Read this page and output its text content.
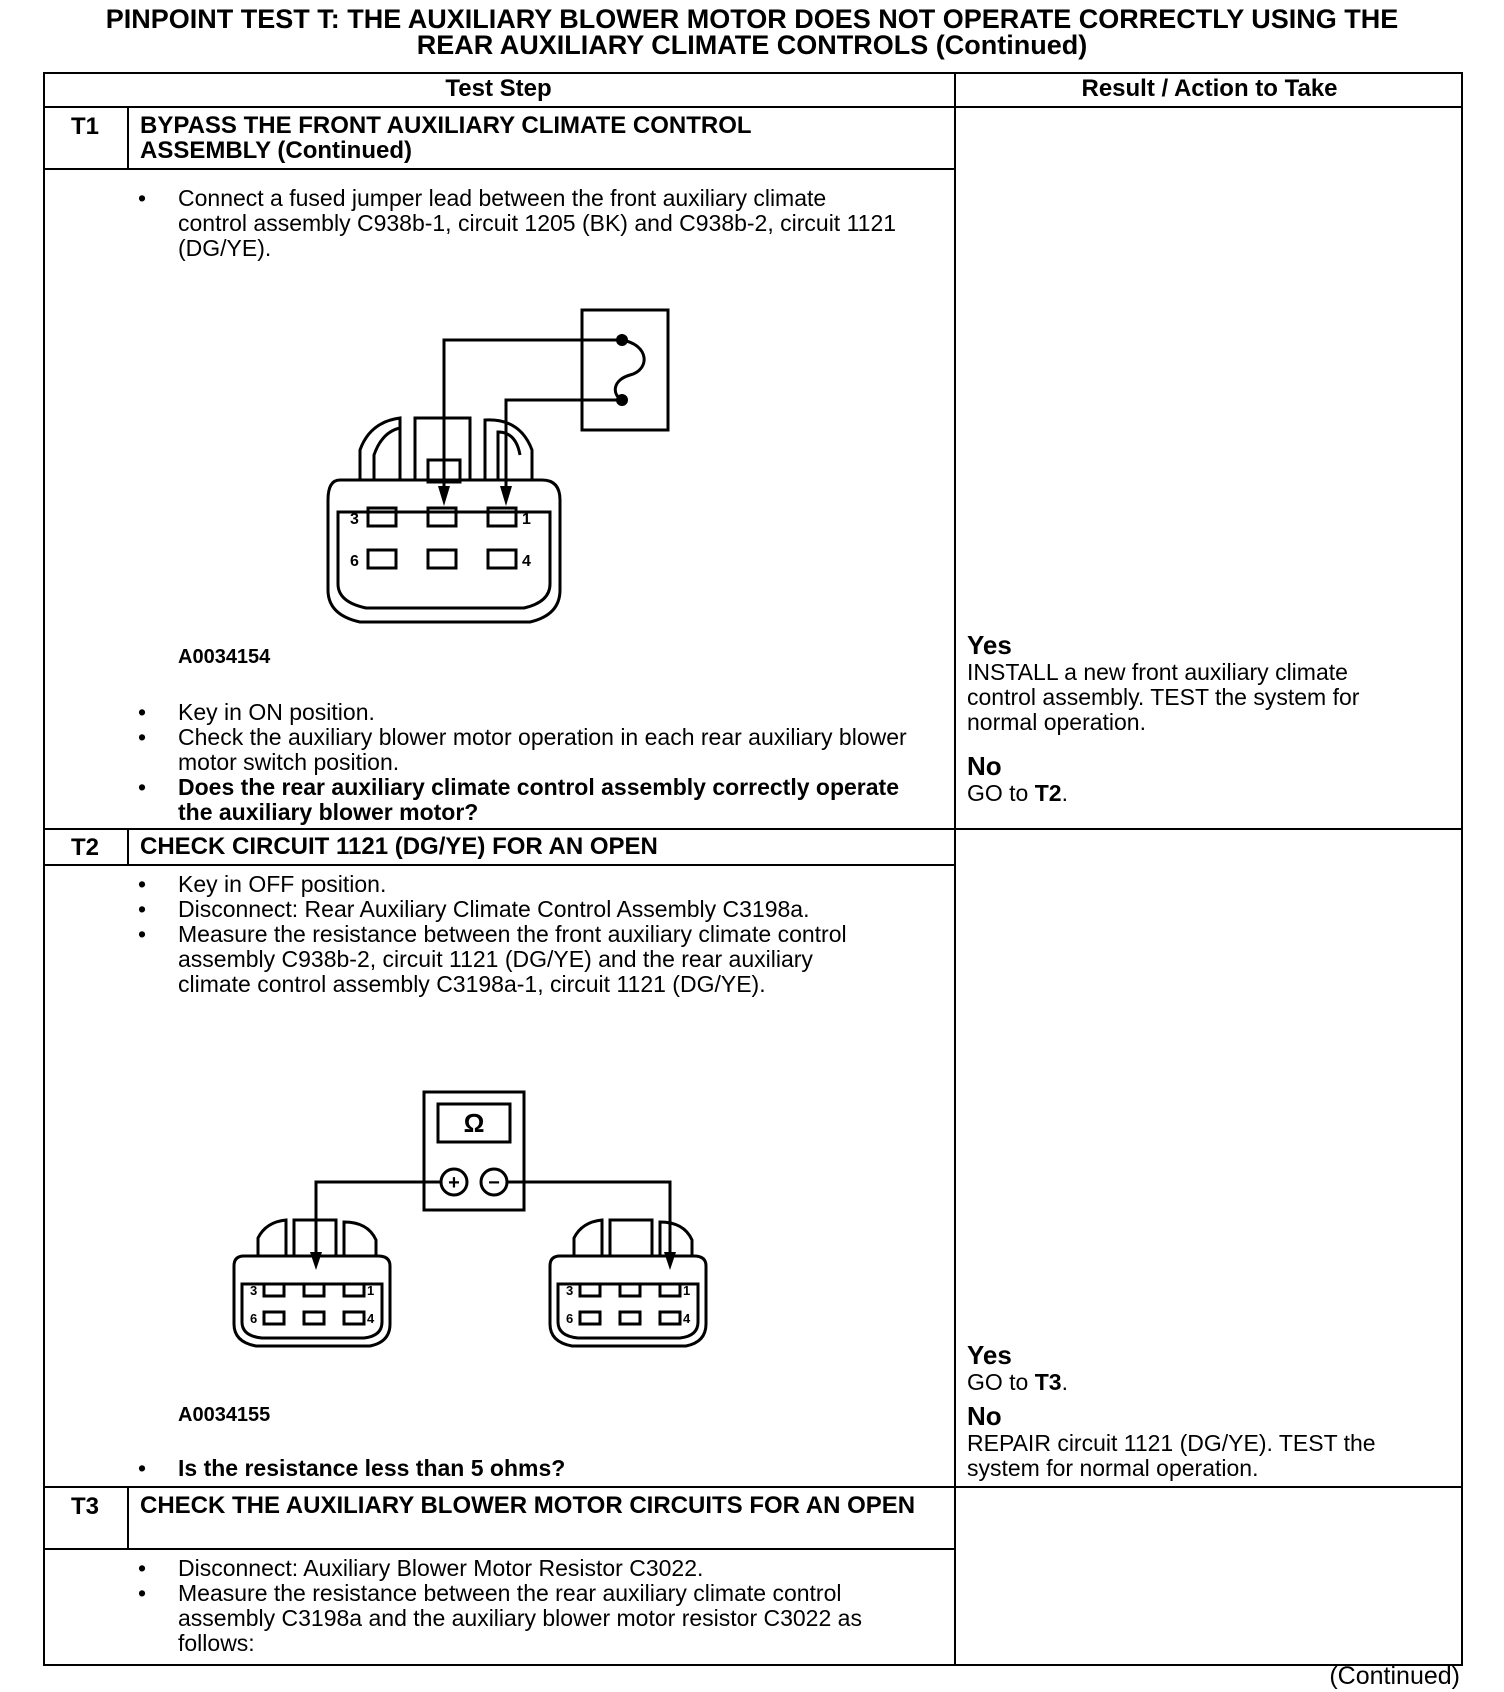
PINPOINT TEST T: THE AUXILIARY BLOWER MOTOR DOES NOT OPERATE CORRECTLY USING THE
REAR AUXILIARY CLIMATE CONTROLS (Continued)
Test Step	Result / Action to Take
T1	BYPASS THE FRONT AUXILIARY CLIMATE CONTROL ASSEMBLY (Continued)
• Connect a fused jumper lead between the front auxiliary climate control assembly C938b-1, circuit 1205 (BK) and C938b-2, circuit 1121 (DG/YE).
3	1
6	4
A0034154
• Key in ON position.
• Check the auxiliary blower motor operation in each rear auxiliary blower motor switch position.
• Does the rear auxiliary climate control assembly correctly operate the auxiliary blower motor?
Yes
INSTALL a new front auxiliary climate control assembly. TEST the system for normal operation.
No
GO to T2.
T2	CHECK CIRCUIT 1121 (DG/YE) FOR AN OPEN
• Key in OFF position.
• Disconnect: Rear Auxiliary Climate Control Assembly C3198a.
• Measure the resistance between the front auxiliary climate control assembly C938b-2, circuit 1121 (DG/YE) and the rear auxiliary climate control assembly C3198a-1, circuit 1121 (DG/YE).
Ω
+ −
3	1
6	4
3	1
6	4
A0034155
• Is the resistance less than 5 ohms?
Yes
GO to T3.
No
REPAIR circuit 1121 (DG/YE). TEST the system for normal operation.
T3	CHECK THE AUXILIARY BLOWER MOTOR CIRCUITS FOR AN OPEN
• Disconnect: Auxiliary Blower Motor Resistor C3022.
• Measure the resistance between the rear auxiliary climate control assembly C3198a and the auxiliary blower motor resistor C3022 as follows:
(Continued)
